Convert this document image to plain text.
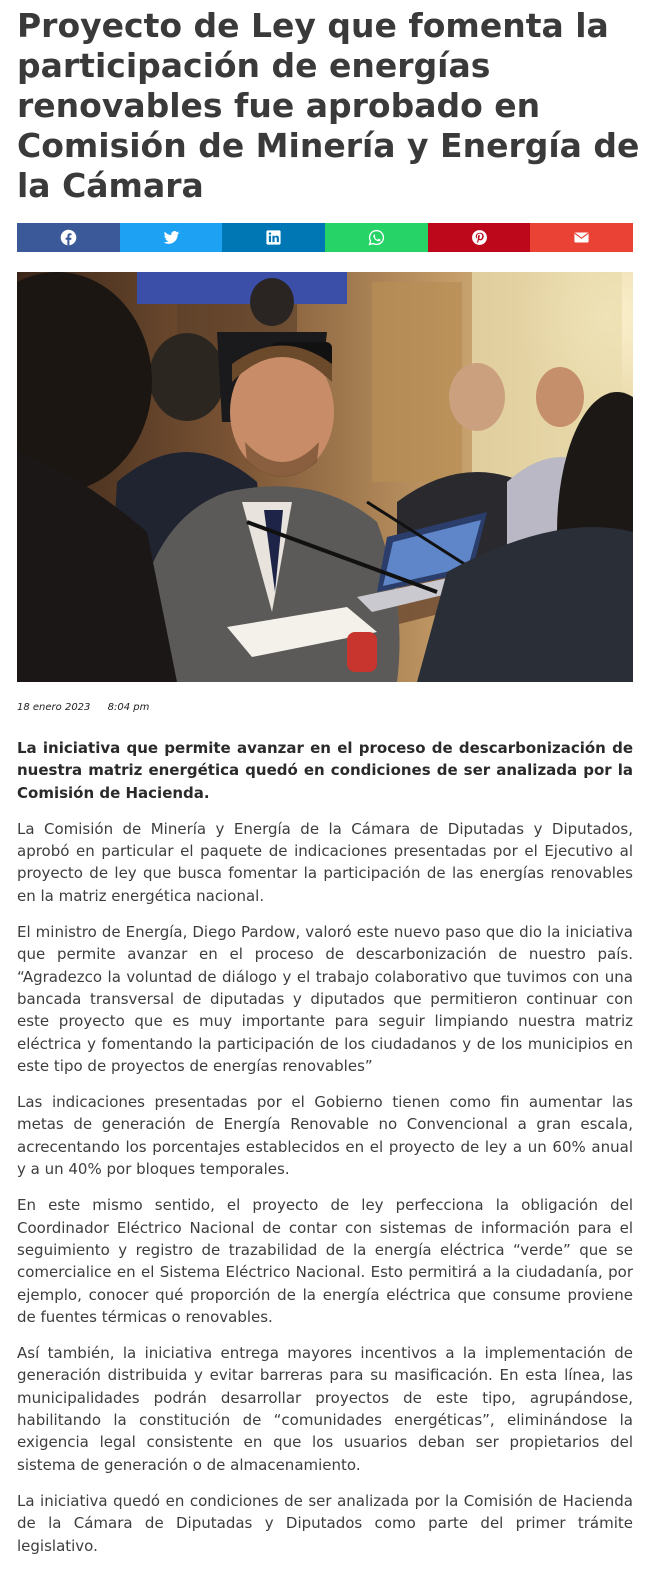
Proyecto de Ley que fomenta la participación de energías renovables fue aprobado en Comisión de Minería y Energía de la Cámara
18 enero 2023 8:04 pm

La iniciativa que permite avanzar en el proceso de descarbonización de nuestra matriz energética quedó en condiciones de ser analizada por la Comisión de Hacienda.

La Comisión de Minería y Energía de la Cámara de Diputadas y Diputados, aprobó en particular el paquete de indicaciones presentadas por el Ejecutivo al proyecto de ley que busca fomentar la participación de las energías renovables en la matriz energética nacional.

El ministro de Energía, Diego Pardow, valoró este nuevo paso que dio la iniciativa que permite avanzar en el proceso de descarbonización de nuestro país. “Agradezco la voluntad de diálogo y el trabajo colaborativo que tuvimos con una bancada transversal de diputadas y diputados que permitieron continuar con este proyecto que es muy importante para seguir limpiando nuestra matriz eléctrica y fomentando la participación de los ciudadanos y de los municipios en este tipo de proyectos de energías renovables”

Las indicaciones presentadas por el Gobierno tienen como fin aumentar las metas de generación de Energía Renovable no Convencional a gran escala, acrecentando los porcentajes establecidos en el proyecto de ley a un 60% anual y a un 40% por bloques temporales.

En este mismo sentido, el proyecto de ley perfecciona la obligación del Coordinador Eléctrico Nacional de contar con sistemas de información para el seguimiento y registro de trazabilidad de la energía eléctrica “verde” que se comercialice en el Sistema Eléctrico Nacional. Esto permitirá a la ciudadanía, por ejemplo, conocer qué proporción de la energía eléctrica que consume proviene de fuentes térmicas o renovables.

Así también, la iniciativa entrega mayores incentivos a la implementación de generación distribuida y evitar barreras para su masificación. En esta línea, las municipalidades podrán desarrollar proyectos de este tipo, agrupándose, habilitando la constitución de “comunidades energéticas”, eliminándose la exigencia legal consistente en que los usuarios deban ser propietarios del sistema de generación o de almacenamiento.

La iniciativa quedó en condiciones de ser analizada por la Comisión de Hacienda de la Cámara de Diputadas y Diputados como parte del primer trámite legislativo.
